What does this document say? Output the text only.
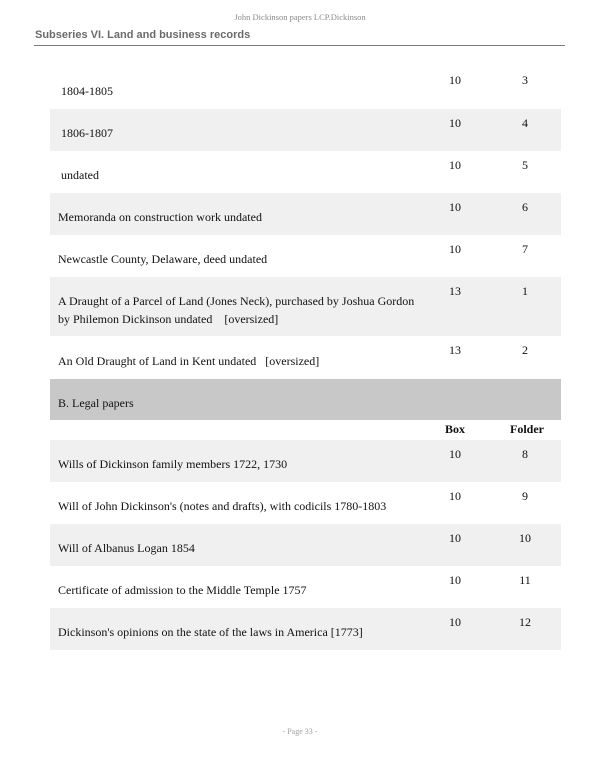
John Dickinson papers LCP.Dickinson
Subseries VI. Land and business records
1804-1805
10	3
1806-1807
10	4
undated
10	5
Memoranda on construction work undated
10	6
Newcastle County, Delaware, deed undated
10	7
A Draught of a Parcel of Land (Jones Neck), purchased by Joshua Gordon
by Philemon Dickinson undated    [oversized]
13	1
An Old Draught of Land in Kent undated   [oversized]
13	2
B. Legal papers
Box	Folder
Wills of Dickinson family members 1722, 1730
10	8
Will of John Dickinson's (notes and drafts), with codicils 1780-1803
10	9
Will of Albanus Logan 1854
10	10
Certificate of admission to the Middle Temple 1757
10	11
Dickinson's opinions on the state of the laws in America [1773]
10	12
- Page 33 -
